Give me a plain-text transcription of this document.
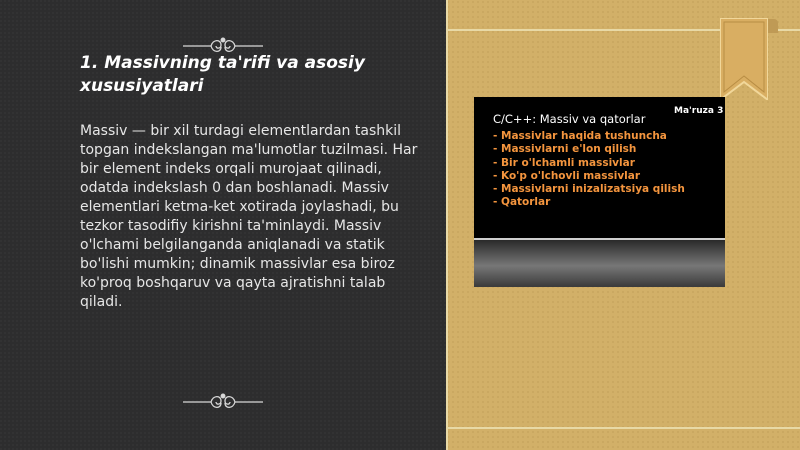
1. Massivning ta'rifi va asosiy xususiyatlari
Massiv — bir xil turdagi elementlardan tashkil topgan indekslangan ma'lumotlar tuzilmasi. Har bir element indeks orqali murojaat qilinadi, odatda indekslash 0 dan boshlanadi. Massiv elementlari ketma-ket xotirada joylashadi, bu tezkor tasodifiy kirishni ta'minlaydi. Massiv o'lchami belgilanganda aniqlanadi va statik bo'lishi mumkin; dinamik massivlar esa biroz ko'proq boshqaruv va qayta ajratishni talab qiladi.
C/C++: Massiv va qatorlar
Ma'ruza 3
- Massivlar haqida tushuncha
- Massivlarni e'lon qilish
- Bir o'lchamli massivlar
- Ko'p o'lchovli massivlar
- Massivlarni inizalizatsiya qilish
- Qatorlar
